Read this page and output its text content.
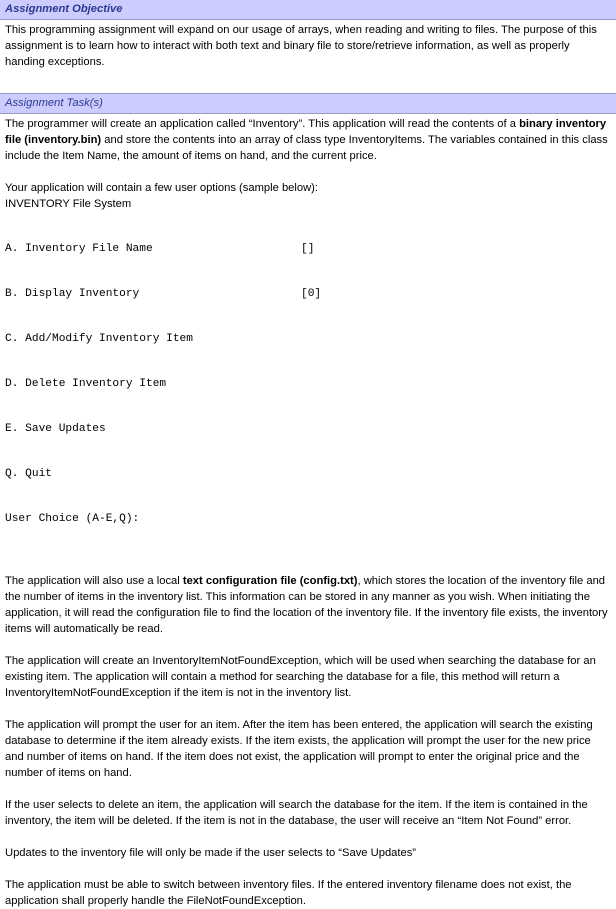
Assignment Objective

This programming assignment will expand on our usage of arrays, when reading and writing to files. The purpose of this assignment is to learn how to interact with both text and binary file to store/retrieve information, as well as properly handing exceptions.

Assignment Task(s)

The programmer will create an application called “Inventory”. This application will read the contents of a binary inventory file (inventory.bin) and store the contents into an array of class type InventoryItems. The variables contained in this class include the Item Name, the amount of items on hand, and the current price.

Your application will contain a few user options (sample below):

INVENTORY File System

A. Inventory File Name	[]

B. Display Inventory	[0]

C. Add/Modify Inventory Item

D. Delete Inventory Item

E. Save Updates

Q. Quit

User Choice (A-E,Q):

The application will also use a local text configuration file (config.txt), which stores the location of the inventory file and the number of items in the inventory list. This information can be stored in any manner as you wish. When initiating the application, it will read the configuration file to find the location of the inventory file. If the inventory file exists, the inventory items will automatically be read.

The application will create an InventoryItemNotFoundException, which will be used when searching the database for an existing item. The application will contain a method for searching the database for a file, this method will return a InventoryItemNotFoundException if the item is not in the inventory list.

The application will prompt the user for an item. After the item has been entered, the application will search the existing database to determine if the item already exists. If the item exists, the application will prompt the user for the new price and number of items on hand. If the item does not exist, the application will prompt to enter the original price and the number of items on hand.

If the user selects to delete an item, the application will search the database for the item. If the item is contained in the inventory, the item will be deleted. If the item is not in the database, the user will receive an “Item Not Found” error.

Updates to the inventory file will only be made if the user selects to “Save Updates”

The application must be able to switch between inventory files. If the entered inventory filename does not exist, the application shall properly handle the FileNotFoundException.
